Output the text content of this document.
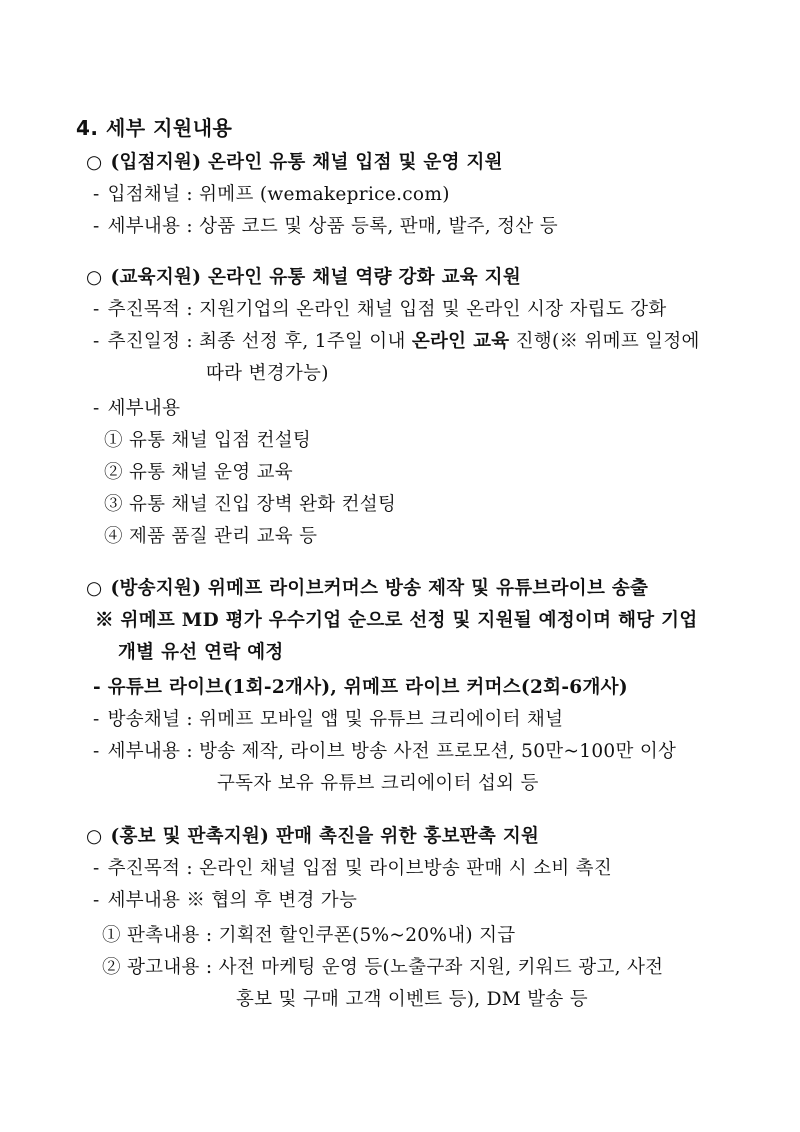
4. 세부 지원내용
○ (입점지원) 온라인 유통 채널 입점 및 운영 지원
- 입점채널 : 위메프 (wemakeprice.com)
- 세부내용 : 상품 코드 및 상품 등록, 판매, 발주, 정산 등
○ (교육지원) 온라인 유통 채널 역량 강화 교육 지원
- 추진목적 : 지원기업의 온라인 채널 입점 및 온라인 시장 자립도 강화
- 추진일정 : 최종 선정 후, 1주일 이내 온라인 교육 진행(※ 위메프 일정에
따라 변경가능)
- 세부내용
① 유통 채널 입점 컨설팅
② 유통 채널 운영 교육
③ 유통 채널 진입 장벽 완화 컨설팅
④ 제품 품질 관리 교육 등
○ (방송지원) 위메프 라이브커머스 방송 제작 및 유튜브라이브 송출
※ 위메프 MD 평가 우수기업 순으로 선정 및 지원될 예정이며 해당 기업
개별 유선 연락 예정
- 유튜브 라이브(1회-2개사), 위메프 라이브 커머스(2회-6개사)
- 방송채널 : 위메프 모바일 앱 및 유튜브 크리에이터 채널
- 세부내용 : 방송 제작, 라이브 방송 사전 프로모션, 50만~100만 이상
구독자 보유 유튜브 크리에이터 섭외 등
○ (홍보 및 판촉지원) 판매 촉진을 위한 홍보판촉 지원
- 추진목적 : 온라인 채널 입점 및 라이브방송 판매 시 소비 촉진
- 세부내용 ※ 협의 후 변경 가능
① 판촉내용 : 기획전 할인쿠폰(5%~20%내) 지급
② 광고내용 : 사전 마케팅 운영 등(노출구좌 지원, 키워드 광고, 사전
홍보 및 구매 고객 이벤트 등), DM 발송 등
